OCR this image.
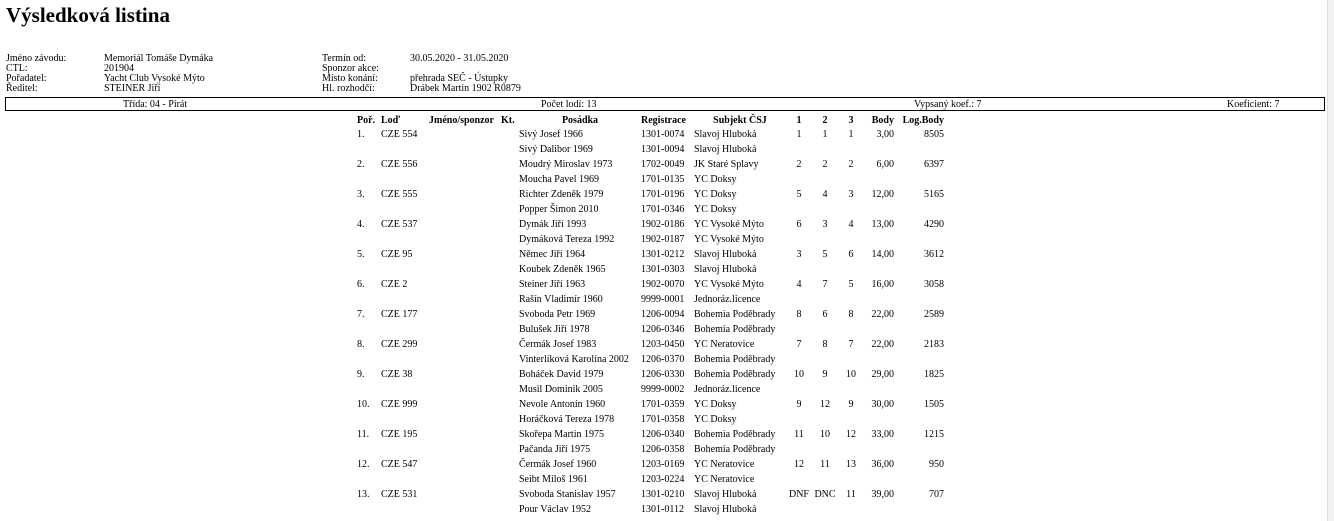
Výsledková listina
Jméno závodu:	Memoriál Tomáše Dymáka
CTL:	201904
Pořadatel:	Yacht Club Vysoké Mýto
Ředitel:	STEINER Jiří
Termín od:	30.05.2020 - 31.05.2020
Sponzor akce:
Místo konání:	přehrada SEČ - Ústupky
Hl. rozhodčí:	Drábek Martin 1902 R0879
Třída: 04 - Pirát	Počet lodí: 13	Vypsaný koef.: 7	Koeficient: 7
Poř.	Loď	Jméno/sponzor	Kt.	Posádka	Registrace	Subjekt ČSJ	1	2	3	Body	Log.Body
1.	CZE 554			Sivý Josef 1966	1301-0074	Slavoj Hluboká	1	1	1	3,00	8505
				Sivý Dalibor 1969	1301-0094	Slavoj Hluboká					
2.	CZE 556			Moudrý Miroslav 1973	1702-0049	JK Staré Splavy	2	2	2	6,00	6397
				Moucha Pavel 1969	1701-0135	YC Doksy					
3.	CZE 555			Richter Zdeněk 1979	1701-0196	YC Doksy	5	4	3	12,00	5165
				Popper Šimon 2010	1701-0346	YC Doksy					
4.	CZE 537			Dymák Jiří 1993	1902-0186	YC Vysoké Mýto	6	3	4	13,00	4290
				Dymáková Tereza 1992	1902-0187	YC Vysoké Mýto					
5.	CZE 95			Němec Jiří 1964	1301-0212	Slavoj Hluboká	3	5	6	14,00	3612
				Koubek Zdeněk 1965	1301-0303	Slavoj Hluboká					
6.	CZE 2			Steiner Jiří 1963	1902-0070	YC Vysoké Mýto	4	7	5	16,00	3058
				Rašín Vladimír 1960	9999-0001	Jednoráz.licence					
7.	CZE 177			Svoboda Petr 1969	1206-0094	Bohemia Poděbrady	8	6	8	22,00	2589
				Bulušek Jiří 1978	1206-0346	Bohemia Poděbrady					
8.	CZE 299			Čermák Josef 1983	1203-0450	YC Neratovice	7	8	7	22,00	2183
				Vinterlíková Karolína 2002	1206-0370	Bohemia Poděbrady					
9.	CZE 38			Boháček David 1979	1206-0330	Bohemia Poděbrady	10	9	10	29,00	1825
				Musil Dominik 2005	9999-0002	Jednoráz.licence					
10.	CZE 999			Nevole Antonín 1960	1701-0359	YC Doksy	9	12	9	30,00	1505
				Horáčková Tereza 1978	1701-0358	YC Doksy					
11.	CZE 195			Skořepa Martin 1975	1206-0340	Bohemia Poděbrady	11	10	12	33,00	1215
				Pačanda Jiří 1975	1206-0358	Bohemia Poděbrady					
12.	CZE 547			Čermák Josef 1960	1203-0169	YC Neratovice	12	11	13	36,00	950
				Seibt Miloš 1961	1203-0224	YC Neratovice					
13.	CZE 531			Svoboda Stanislav 1957	1301-0210	Slavoj Hluboká	DNF	DNC	11	39,00	707
				Pour Václav 1952	1301-0112	Slavoj Hluboká					
